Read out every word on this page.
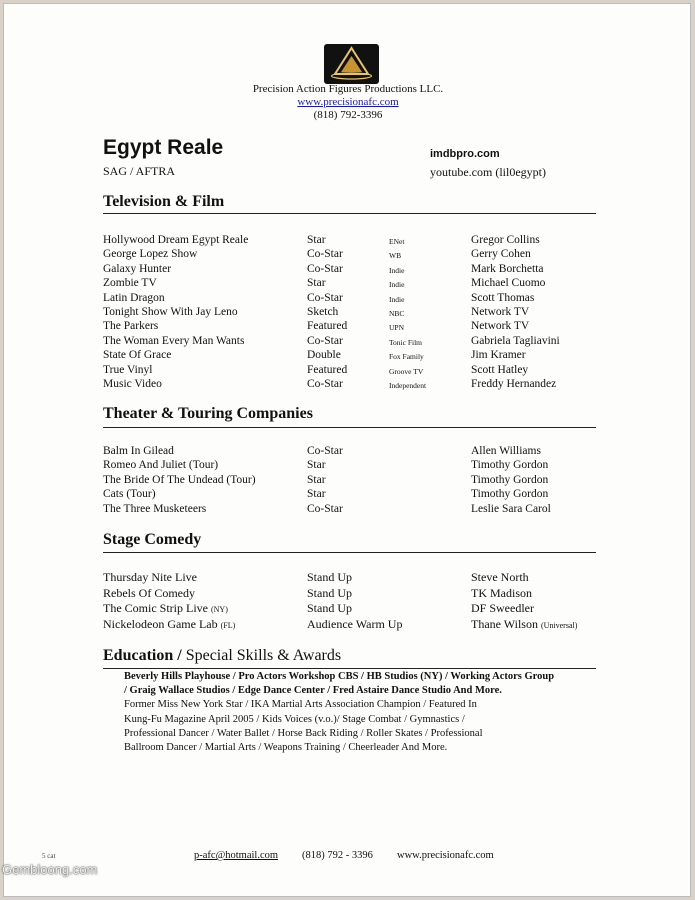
Precision Action Figures Productions LLC.
www.precisionafc.com
(818) 792-3396
Egypt Reale
SAG / AFTRA
imdbpro.com
youtube.com (lil0egypt)
Television & Film
Hollywood Dream Egypt Reale	Star	ENet	Gregor Collins
George Lopez Show	Co-Star	WB	Gerry Cohen
Galaxy Hunter	Co-Star	Indie	Mark Borchetta
Zombie TV	Star	Indie	Michael Cuomo
Latin Dragon	Co-Star	Indie	Scott Thomas
Tonight Show With Jay Leno	Sketch	NBC	Network TV
The Parkers	Featured	UPN	Network TV
The Woman Every Man Wants	Co-Star	Tonic Film	Gabriela Tagliavini
State Of Grace	Double	Fox Family	Jim Kramer
True Vinyl	Featured	Groove TV	Scott Hatley
Music Video	Co-Star	Independent	Freddy Hernandez
Theater & Touring Companies
Balm In Gilead	Co-Star	Allen Williams
Romeo And Juliet (Tour)	Star	Timothy Gordon
The Bride Of The Undead (Tour)	Star	Timothy Gordon
Cats (Tour)	Star	Timothy Gordon
The Three Musketeers	Co-Star	Leslie Sara Carol
Stage Comedy
Thursday Nite Live	Stand Up	Steve North
Rebels Of Comedy	Stand Up	TK Madison
The Comic Strip Live (NY)	Stand Up	DF Sweedler
Nickelodeon Game Lab (FL)	Audience Warm Up	Thane Wilson (Universal)
Education / Special Skills & Awards
Beverly Hills Playhouse / Pro Actors Workshop CBS / HB Studios (NY) / Working Actors Group
/ Graig Wallace Studios / Edge Dance Center / Fred Astaire Dance Studio And More.
Former Miss New York Star / IKA Martial Arts Association Champion / Featured In
Kung-Fu Magazine April 2005 / Kids Voices (v.o.)/ Stage Combat / Gymnastics /
Professional Dancer / Water Ballet / Horse Back Riding / Roller Skates / Professional
Ballroom Dancer / Martial Arts / Weapons Training / Cheerleader And More.
5 cat	p-afc@hotmail.com (818) 792 - 3396 www.precisionafc.com
Gembloong.com
